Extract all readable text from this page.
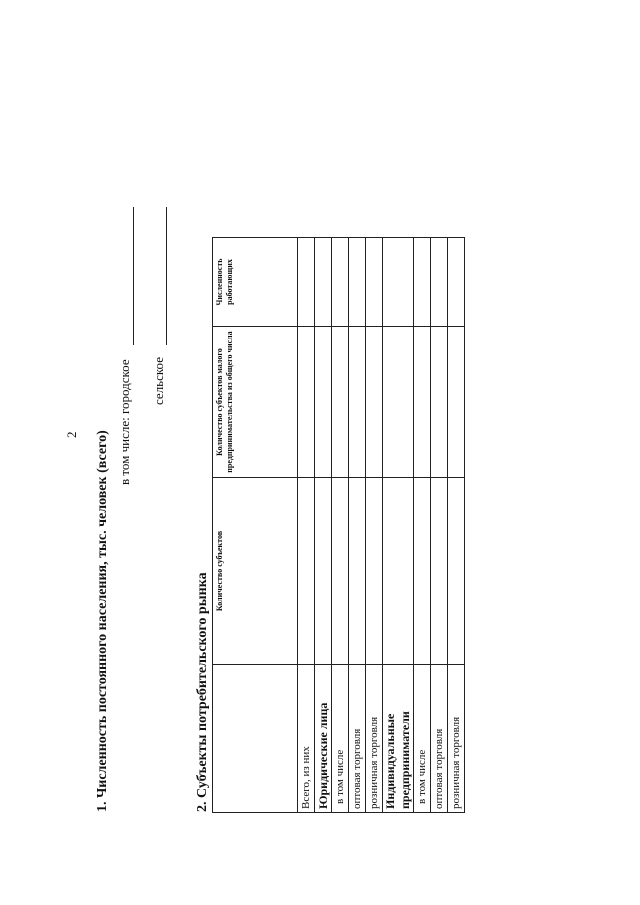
2 1. Численность постоянного населения, тыс. человек (всего)
в том числе: городское сельское
2. Субъекты потребительского рынка
	Количество субъектов	Количество субъектов малого предпринимательства из общего числа	Численность работающих
Всего, из них			
Юридические лица			
в том числе			
оптовая торговля			
розничная торговля			
Индивидуальные предприниматели			
в том числе			
оптовая торговля			
розничная торговля			
